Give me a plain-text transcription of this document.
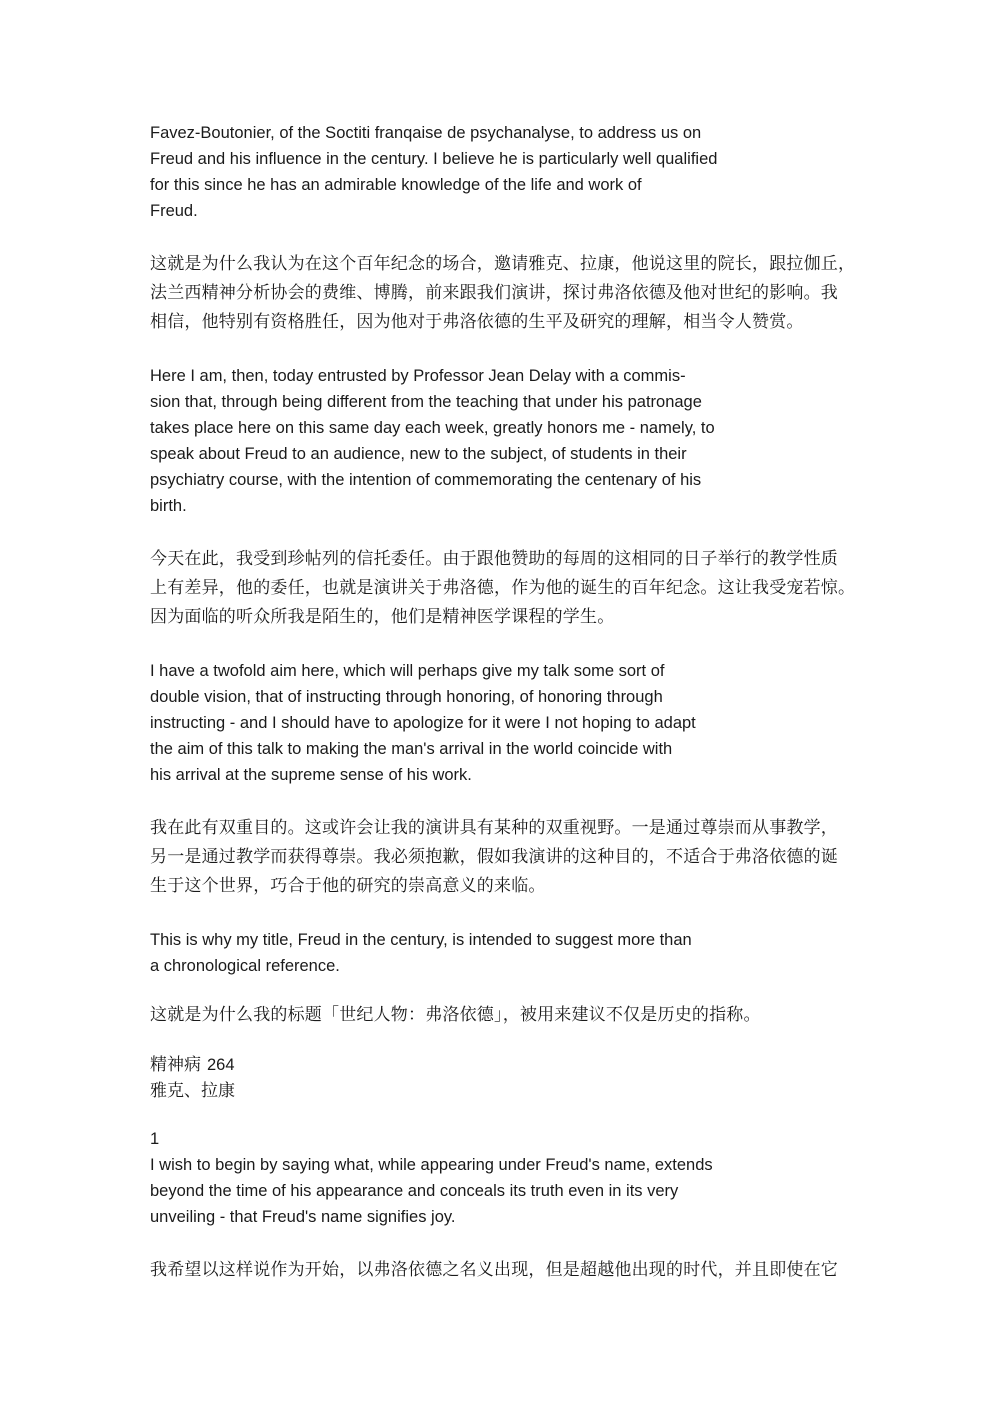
Favez-Boutonier, of the Soctiti franqaise de psychanalyse, to address us on
Freud and his influence in the century. I believe he is particularly well qualified
for this since he has an admirable knowledge of the life and work of
Freud.

这就是为什么我认为在这个百年纪念的场合，邀请雅克、拉康，他说这里的院长，跟拉伽丘，
法兰西精神分析协会的费维、博腾，前来跟我们演讲，探讨弗洛依德及他对世纪的影响。我
相信，他特别有资格胜任，因为他对于弗洛依德的生平及研究的理解，相当令人赞赏。

Here I am, then, today entrusted by Professor Jean Delay with a commis-
sion that, through being different from the teaching that under his patronage
takes place here on this same day each week, greatly honors me - namely, to
speak about Freud to an audience, new to the subject, of students in their
psychiatry course, with the intention of commemorating the centenary of his
birth.

今天在此，我受到珍帖列的信托委任。由于跟他赞助的每周的这相同的日子举行的教学性质
上有差异，他的委任，也就是演讲关于弗洛德，作为他的诞生的百年纪念。这让我受宠若惊。
因为面临的听众所我是陌生的，他们是精神医学课程的学生。

I have a twofold aim here, which will perhaps give my talk some sort of
double vision, that of instructing through honoring, of honoring through
instructing - and I should have to apologize for it were I not hoping to adapt
the aim of this talk to making the man's arrival in the world coincide with
his arrival at the supreme sense of his work.

我在此有双重目的。这或许会让我的演讲具有某种的双重视野。一是通过尊崇而从事教学，
另一是通过教学而获得尊崇。我必须抱歉，假如我演讲的这种目的，不适合于弗洛依德的诞
生于这个世界，巧合于他的研究的崇高意义的来临。

This is why my title, Freud in the century, is intended to suggest more than
a chronological reference.

这就是为什么我的标题「世纪人物：弗洛依德」，被用来建议不仅是历史的指称。

精神病 264
雅克、拉康

1

I wish to begin by saying what, while appearing under Freud's name, extends
beyond the time of his appearance and conceals its truth even in its very
unveiling - that Freud's name signifies joy.

我希望以这样说作为开始，以弗洛依德之名义出现，但是超越他出现的时代，并且即使在它
